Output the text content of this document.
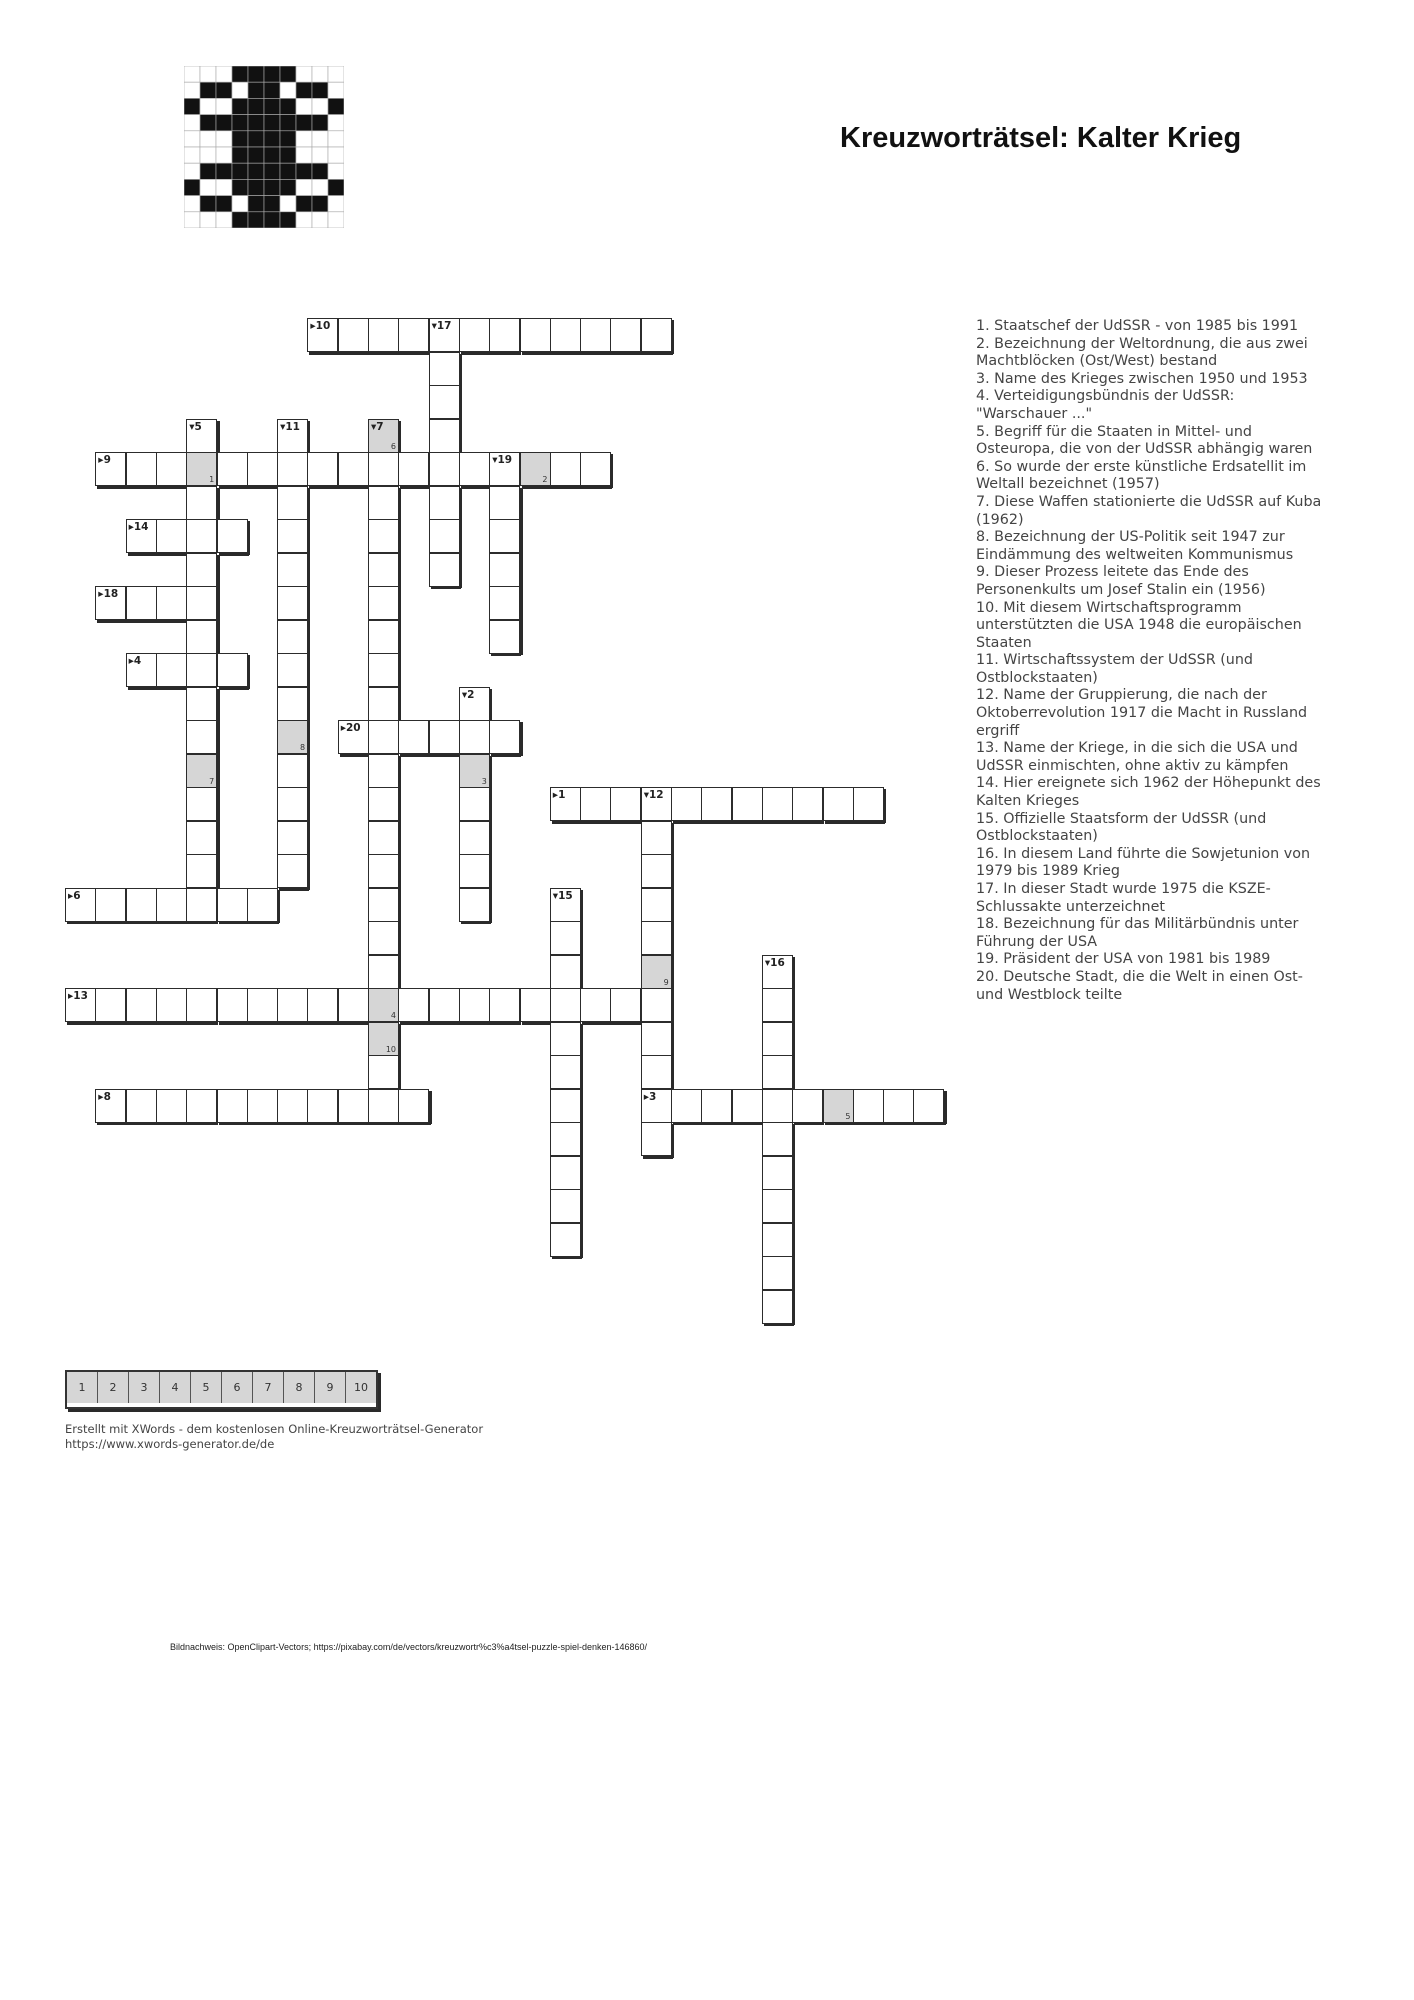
Kreuzworträtsel: Kalter Krieg
▸10	▾17
▾5
1
7
▾11
8
▾7
6
4
10
▸9	▾19
2
▸14
▸18
▸4
▾2
3
▸20
▸1	▾12
9
▸3
▸6	▾15
▾16
▸13
▸8
5
1. Staatschef der UdSSR - von 1985 bis 1991
2. Bezeichnung der Weltordnung, die aus zwei Machtblöcken (Ost/West) bestand
3. Name des Krieges zwischen 1950 und 1953
4. Verteidigungsbündnis der UdSSR: "Warschauer ..."
5. Begriff für die Staaten in Mittel- und Osteuropa, die von der UdSSR abhängig waren
6. So wurde der erste künstliche Erdsatellit im Weltall bezeichnet (1957)
7. Diese Waffen stationierte die UdSSR auf Kuba (1962)
8. Bezeichnung der US-Politik seit 1947 zur Eindämmung des weltweiten Kommunismus
9. Dieser Prozess leitete das Ende des Personenkults um Josef Stalin ein (1956)
10. Mit diesem Wirtschaftsprogramm unterstützten die USA 1948 die europäischen Staaten
11. Wirtschaftssystem der UdSSR (und Ostblockstaaten)
12. Name der Gruppierung, die nach der Oktoberrevolution 1917 die Macht in Russland ergriff
13. Name der Kriege, in die sich die USA und UdSSR einmischten, ohne aktiv zu kämpfen
14. Hier ereignete sich 1962 der Höhepunkt des Kalten Krieges
15. Offizielle Staatsform der UdSSR (und Ostblockstaaten)
16. In diesem Land führte die Sowjetunion von 1979 bis 1989 Krieg
17. In dieser Stadt wurde 1975 die KSZE-Schlussakte unterzeichnet
18. Bezeichnung für das Militärbündnis unter Führung der USA
19. Präsident der USA von 1981 bis 1989
20. Deutsche Stadt, die die Welt in einen Ost- und Westblock teilte
1	2	3	4	5	6	7	8	9	10
Erstellt mit XWords - dem kostenlosen Online-Kreuzworträtsel-Generator
https://www.xwords-generator.de/de
Bildnachweis: OpenClipart-Vectors; https://pixabay.com/de/vectors/kreuzwortr%c3%a4tsel-puzzle-spiel-denken-146860/
